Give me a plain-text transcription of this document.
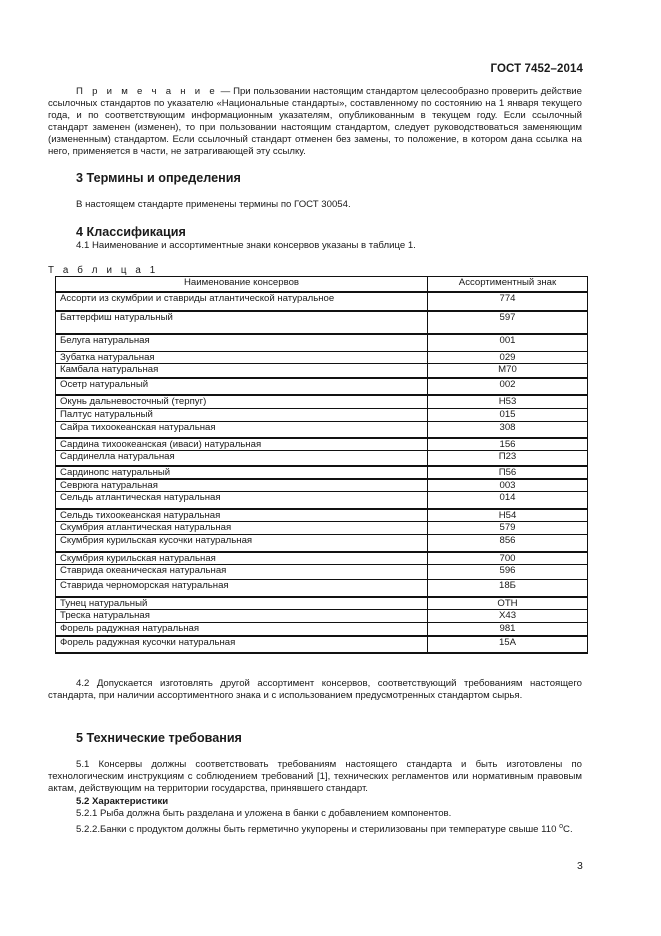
ГОСТ 7452–2014
П р и м е ч а н и е — При пользовании настоящим стандартом целесообразно проверить действие ссылочных стандартов по указателю «Национальные стандарты», составленному по состоянию на 1 января текущего года, и по соответствующим информационным указателям, опубликованным в текущем году. Если ссылочный стандарт заменен (изменен), то при пользовании настоящим стандартом, следует руководствоваться заменяющим (измененным) стандартом. Если ссылочный стандарт отменен без замены, то положение, в котором дана ссылка на него, применяется в части, не затрагивающей эту ссылку.
3 Термины и определения
В настоящем стандарте применены термины по ГОСТ 30054.
4 Классификация
4.1 Наименование и ассортиментные знаки консервов указаны в таблице 1.
Т а б л и ц а 1
Наименование консервов	Ассортиментный знак
Ассорти из скумбрии и ставриды атлантической натуральное	774
Баттерфиш натуральный	597
Белуга натуральная	001
Зубатка натуральная	029
Камбала натуральная	М70
Осетр натуральный	002
Окунь дальневосточный (терпуг)	Н53
Палтус натуральный	015
Сайра тихоокеанская натуральная	308
Сардина тихоокеанская (иваси) натуральная	156
Сардинелла натуральная	П23
Сардинопс натуральный	П56
Севрюга натуральная	003
Сельдь атлантическая натуральная	014
Сельдь тихоокеанская натуральная	Н54
Скумбрия атлантическая натуральная	579
Скумбрия курильская кусочки натуральная	856
Скумбрия курильская натуральная	700
Ставрида океаническая натуральная	596
Ставрида черноморская натуральная	18Б
Тунец натуральный	ОТН
Треска натуральная	Х43
Форель радужная натуральная	981
Форель радужная кусочки натуральная	15А
4.2 Допускается изготовлять другой ассортимент консервов, соответствующий требованиям настоящего стандарта, при наличии ассортиментного знака и с использованием предусмотренных стандартом сырья.
5 Технические требования
5.1 Консервы должны соответствовать требованиям настоящего стандарта и быть изготовлены по технологическим инструкциям с соблюдением требований [1], технических регламентов или нормативным правовым актам, действующим на территории государства, принявшего стандарт.
5.2 Характеристики
5.2.1 Рыба должна быть разделана и уложена в банки с добавлением компонентов.
5.2.2.Банки с продуктом должны быть герметично укупорены и стерилизованы при температуре свыше 110 $^o$С.
3
